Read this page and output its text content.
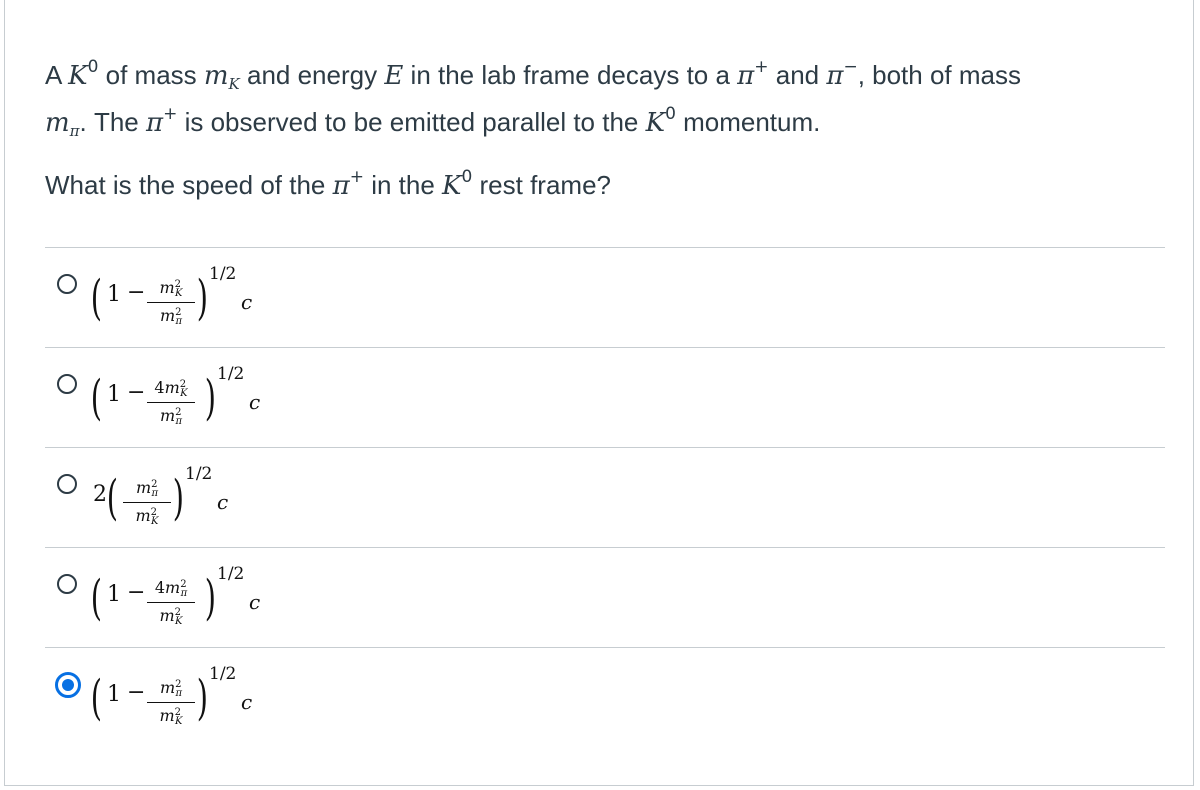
A $K^0$ of mass $m_K$ and energy E in the lab frame decays to a π+ and π−, both of mass
$m_\pi$. The π+ is observed to be emitted parallel to the $K^0$ momentum.

What is the speed of the π+ in the $K^0$ rest frame?

( $1 - m^2_K$
$m^2_\pi$ ) 1/2
c
( $1 - 4m^2_K$
$m^2_\pi$ ) 1/2
c
2 (	$m^2_\pi$
$m^2_K$ ) 1/2
c
( $1 - 4m^2_\pi$
$m^2_K$ ) 1/2
c
( $1 - m^2_\pi$
$m^2_K$ ) 1/2
c
